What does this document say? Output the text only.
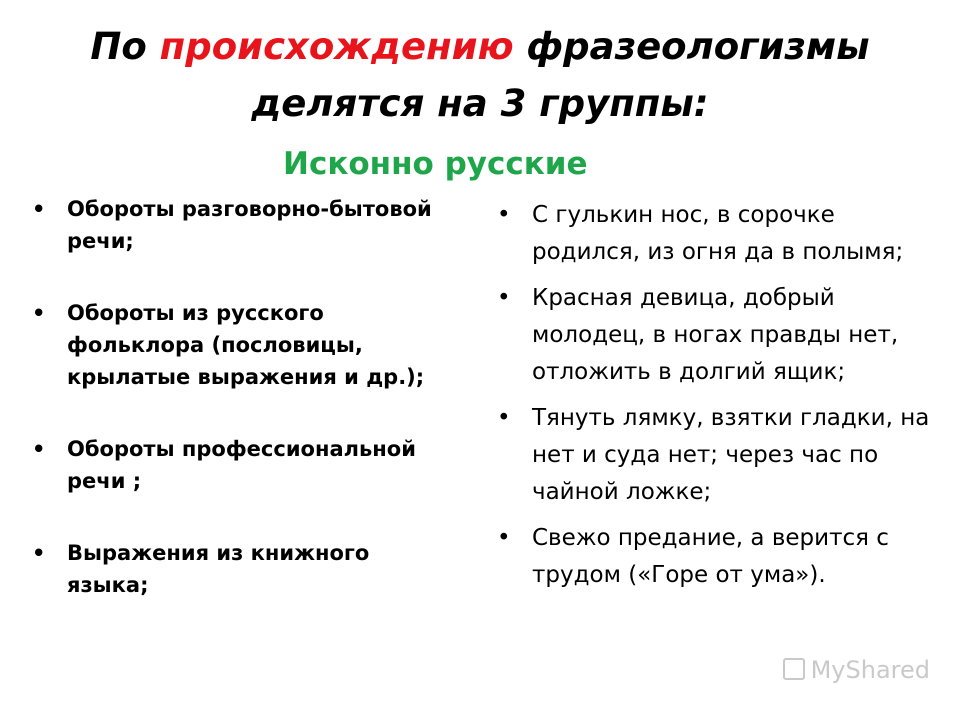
По происхождению фразеологизмы делятся на 3 группы:
Исконно русские
• Обороты разговорно-бытовой речи;
• Обороты из русского фольклора (пословицы, крылатые выражения и др.);
• Обороты профессиональной речи ;
• Выражения из книжного языка;
• С гулькин нос, в сорочке родился, из огня да в полымя;
• Красная девица, добрый молодец, в ногах правды нет, отложить в долгий ящик;
• Тянуть лямку, взятки гладки, на нет и суда нет; через час по чайной ложке;
• Свежо предание, а верится с трудом («Горе от ума»).
MyShared
